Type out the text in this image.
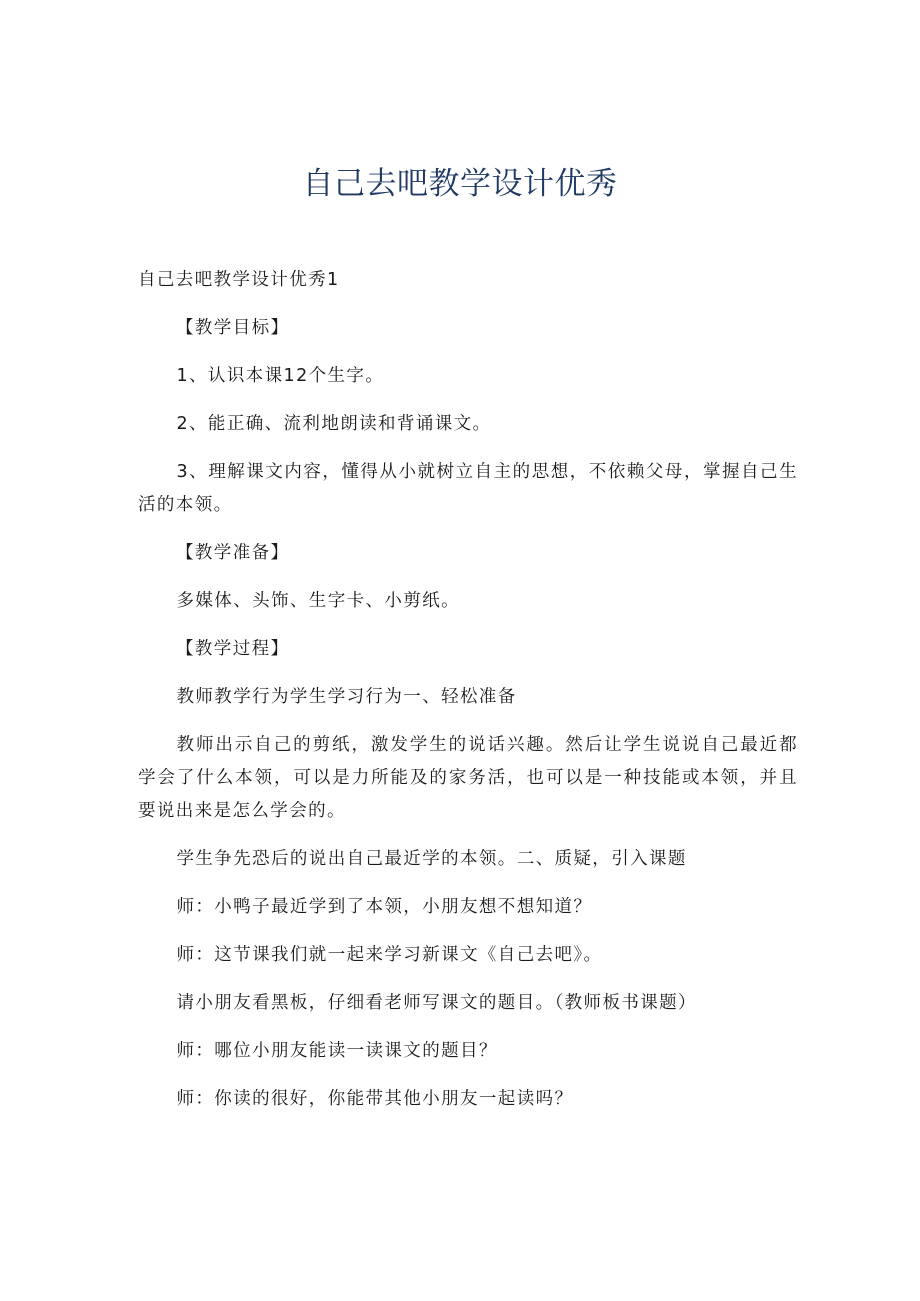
自己去吧教学设计优秀

自己去吧教学设计优秀1

【教学目标】

1、认识本课12个生字。

2、能正确、流利地朗读和背诵课文。

3、理解课文内容，懂得从小就树立自主的思想，不依赖父母，掌握自己生活的本领。

【教学准备】

多媒体、头饰、生字卡、小剪纸。

【教学过程】

教师教学行为学生学习行为一、轻松准备

教师出示自己的剪纸，激发学生的说话兴趣。然后让学生说说自己最近都学会了什么本领，可以是力所能及的家务活，也可以是一种技能或本领，并且要说出来是怎么学会的。

学生争先恐后的说出自己最近学的本领。二、质疑，引入课题

师：小鸭子最近学到了本领，小朋友想不想知道？

师：这节课我们就一起来学习新课文《自己去吧》。

请小朋友看黑板，仔细看老师写课文的题目。（教师板书课题）

师：哪位小朋友能读一读课文的题目？

师：你读的很好，你能带其他小朋友一起读吗？
